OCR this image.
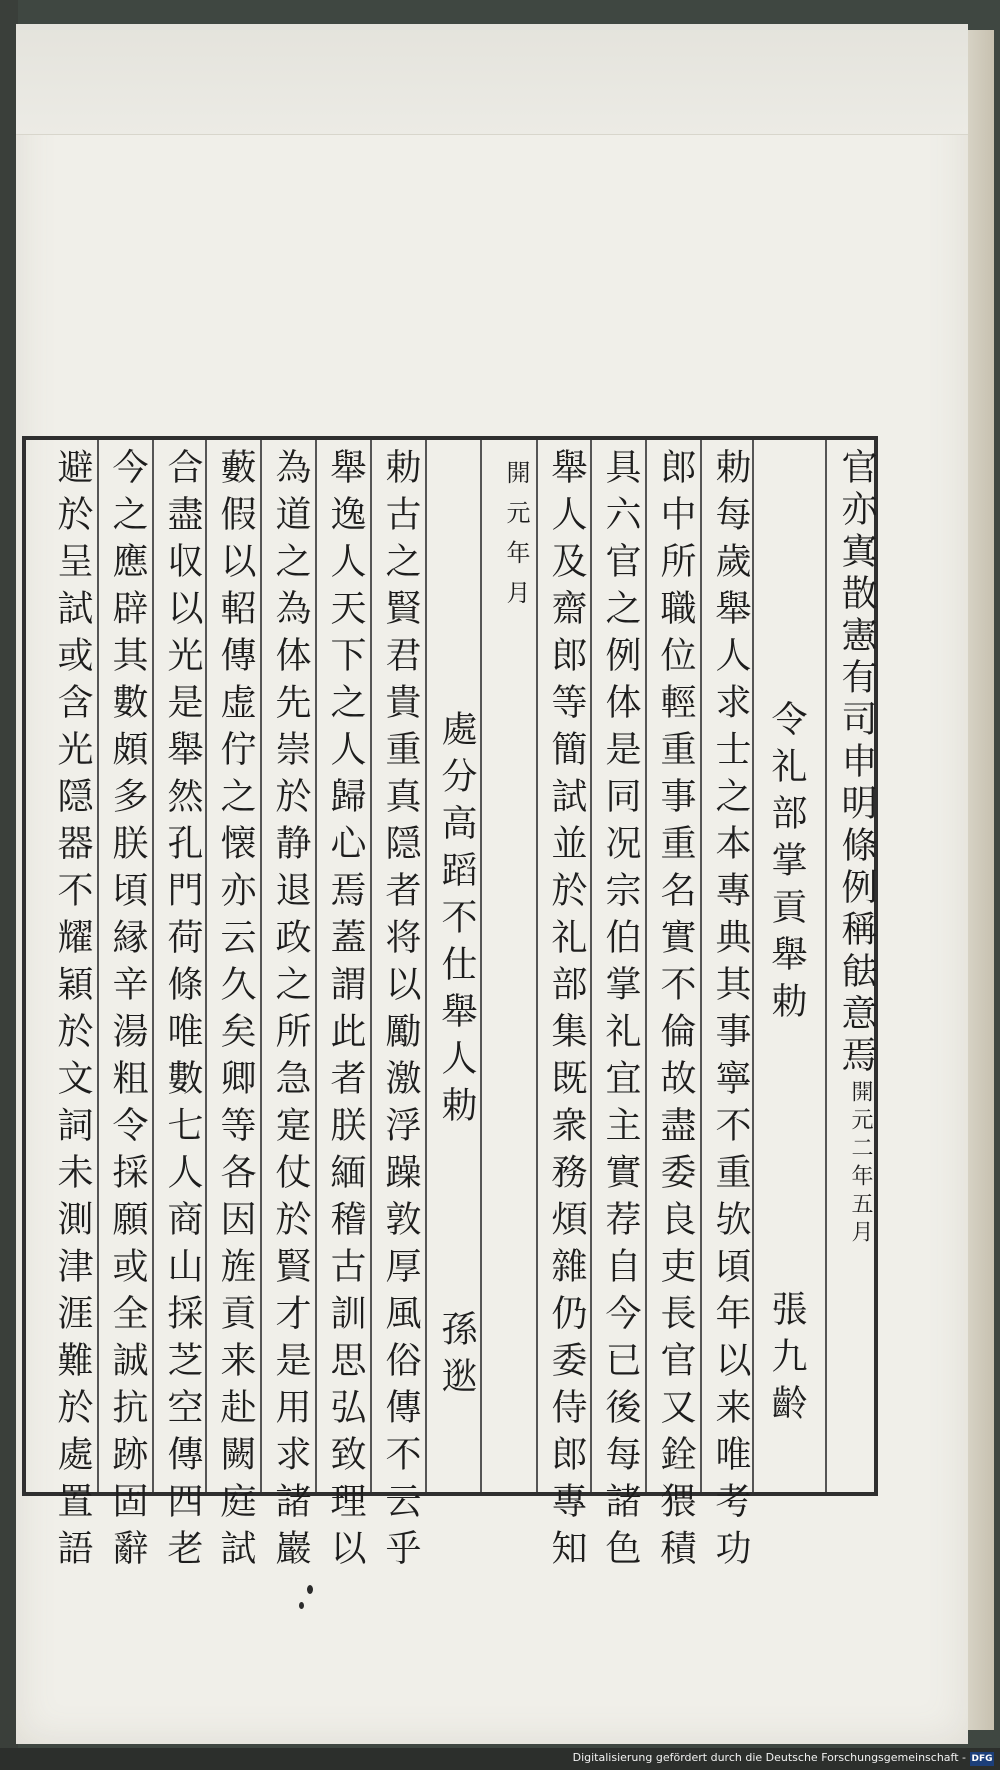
官亦寘㪚憲有司申明條例稱䏻意焉
開元二年五月
令礼部掌貢舉勅
張九齡
勅每歲舉人求士之本專典其事寧不重欤頃年以来唯考功
郎中所職位輕重事重名實不倫故盡委良吏長官又銓猥積
具六官之例体是同况宗伯掌礼宜主實荐自今已後每諸色
舉人及齋郎等簡試並於礼部集既衆務煩雜仍委侍郎專知
開元年月
處分高蹈不仕舉人勅
孫逖
勅古之賢君貴重真隠者将以勵激浮躁敦厚風俗傳不云乎
舉逸人天下之人歸心焉蓋謂此者朕緬稽古訓思弘致理以
為道之為体先崇於静退政之所急寔仗於賢才是用求諸巖
藪假以軺傳虚佇之懐亦云久矣卿等各因旌貢来赴闕庭試
合盡収以光是舉然孔門荷條唯數七人商山採芝空傳四老
今之應辟其數頗多朕頃縁辛湯粗令採願或全誠抗跡固辭
避於呈試或含光隠器不耀穎於文詞未測津涯難於處置語
Digitalisierung gefördert durch die Deutsche Forschungsgemeinschaft - DFG
